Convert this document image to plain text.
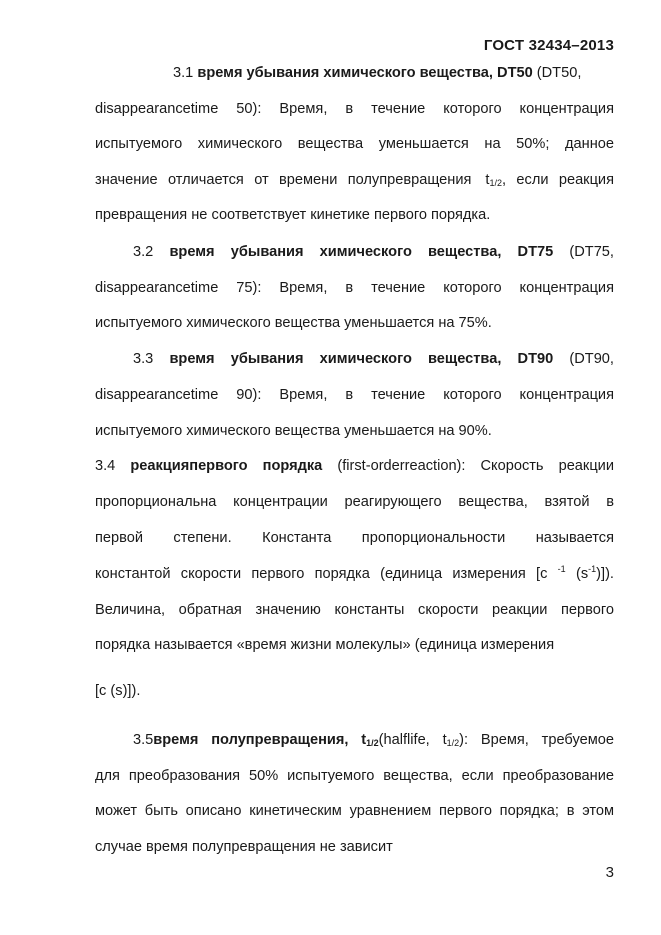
ГОСТ 32434–2013
3.1 время убывания химического вещества, DT50 (DT50,
disappearancetime 50): Время, в течение которого концентрация
испытуемого химического вещества уменьшается на 50%; данное
значение отличается от времени полупревращения $t_{1/2}$, если реакция
превращения не соответствует кинетике первого порядка.
3.2 время убывания химического вещества, DT75 (DT75,
disappearancetime 75): Время, в течение которого концентрация
испытуемого химического вещества уменьшается на 75%.
3.3 время убывания химического вещества, DT90 (DT90,
disappearancetime 90): Время, в течение которого концентрация
испытуемого химического вещества уменьшается на 90%.
3.4 реакцияпервого порядка (first-orderreaction): Скорость реакции
пропорциональна концентрации реагирующего вещества, взятой в
первой степени. Константа пропорциональности называется
константой скорости первого порядка (единица измерения [с $^{-1}$ $(s^{-1})$]).
Величина, обратная значению константы скорости реакции первого
порядка называется «время жизни молекулы» (единица измерения
[с (s)]).
3.5время полупревращения, $t_{1/2}(halflife$, $t_{1/2}$): Время, требуемое
для преобразования 50% испытуемого вещества, если преобразование
может быть описано кинетическим уравнением первого порядка; в этом
случае время полупревращения не зависит
3
